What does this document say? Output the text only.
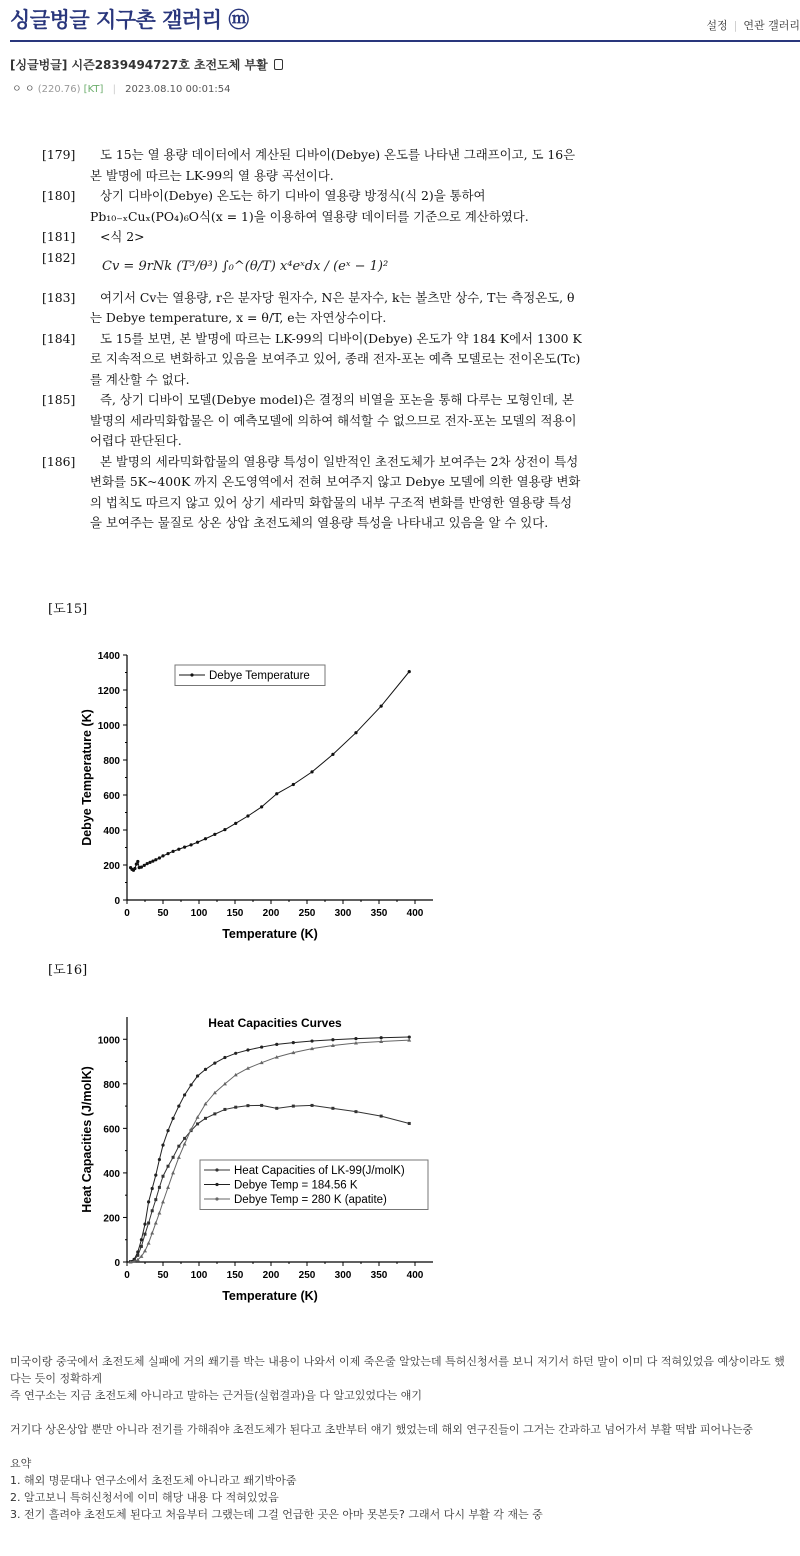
싱글벙글 지구촌 갤러리 ⓜ	설정 | 연관 갤러리
[싱글벙글] 시즌2839494727호 초전도체 부활
ㅇ ㅇ (220.76) [KT] | 2023.08.10 00:01:54
[179]	도 15는 열 용량 데이터에서 계산된 디바이(Debye) 온도를 나타낸 그래프이고, 도 16은 본 발명에 따르는 LK-99의 열 용량 곡선이다.
[180]	상기 디바이(Debye) 온도는 하기 디바이 열용량 방정식(식 2)을 통하여 Pb₁₀₋ₓCuₓ(PO₄)₆O식(x = 1)을 이용하여 열용량 데이터를 기준으로 계산하였다.
[181]	<식 2>
[182]
Cv = 9rNk (T³/θ³) ∫₀^(θ/T) x⁴eˣdx / (eˣ − 1)²
[183]	여기서 Cv는 열용량, r은 분자당 원자수, N은 분자수, k는 볼츠만 상수, T는 측정온도, θ는 Debye temperature, x = θ/T, e는 자연상수이다.
[184]	도 15를 보면, 본 발명에 따르는 LK-99의 디바이(Debye) 온도가 약 184 K에서 1300 K로 지속적으로 변화하고 있음을 보여주고 있어, 종래 전자-포논 예측 모델로는 전이온도(Tc)를 계산할 수 없다.
[185]	즉, 상기 디바이 모델(Debye model)은 결정의 비열을 포논을 통해 다루는 모형인데, 본 발명의 세라믹화합물은 이 예측모델에 의하여 해석할 수 없으므로 전자-포논 모델의 적용이 어렵다 판단된다.
[186]	본 발명의 세라믹화합물의 열용량 특성이 일반적인 초전도체가 보여주는 2차 상전이 특성변화를 5K~400K 까지 온도영역에서 전혀 보여주지 않고 Debye 모델에 의한 열용량 변화의 법칙도 따르지 않고 있어 상기 세라믹 화합물의 내부 구조적 변화를 반영한 열용량 특성을 보여주는 물질로 상온 상압 초전도체의 열용량 특성을 나타내고 있음을 알 수 있다.
[도15]
0	50 100 150 200 250 300 350 400
0
200
400
600
800
1000
1200
1400
Temperature (K)
Debye Temperature (K)
Debye Temperature
[도16]
0	50 100 150 200 250 300 350 400
0
200
400
600
800
1000
Temperature (K)
Heat Capacities (J/molK)
Heat Capacities Curves
Heat Capacities of LK-99(J/molK)
Debye Temp = 184.56 K
Debye Temp = 280 K (apatite)

미국이랑 중국에서 초전도체 실패에 거의 쐐기를 박는 내용이 나와서 이제 죽은줄 알았는데 특허신청서를 보니 저기서 하던 말이 이미 다 적혀있었음 예상이라도 했다는 듯이 정확하게

즉 연구소는 지금 초전도체 아니라고 말하는 근거들(실험결과)을 다 알고있었다는 얘기

거기다 상온상압 뿐만 아니라 전기를 가해줘야 초전도체가 된다고 초반부터 얘기 했었는데 해외 연구진들이 그거는 간과하고 넘어가서 부활 떡밥 피어나는중

요약

1. 해외 명문대나 연구소에서 초전도체 아니라고 쐐기박아줌

2. 알고보니 특허신청서에 이미 해당 내용 다 적혀있었음

3. 전기 흘려야 초전도체 된다고 처음부터 그랬는데 그걸 언급한 곳은 아마 못본듯? 그래서 다시 부활 각 재는 중
